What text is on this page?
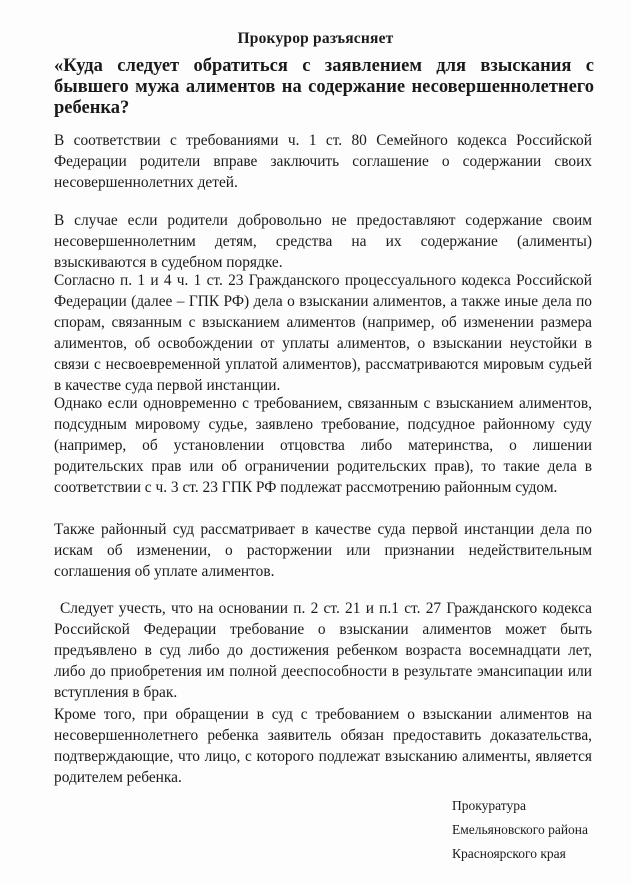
Прокурор разъясняет
«Куда следует обратиться с заявлением для взыскания с бывшего мужа алиментов на содержание несовершеннолетнего ребенка?
В соответствии с требованиями ч. 1 ст. 80 Семейного кодекса Российской Федерации родители вправе заключить соглашение о содержании своих несовершеннолетних детей.
В случае если родители добровольно не предоставляют содержание своим несовершеннолетним детям, средства на их содержание (алименты) взыскиваются в судебном порядке.
Согласно п. 1 и 4 ч. 1 ст. 23 Гражданского процессуального кодекса Российской Федерации (далее – ГПК РФ) дела о взыскании алиментов, а также иные дела по спорам, связанным с взысканием алиментов (например, об изменении размера алиментов, об освобождении от уплаты алиментов, о взыскании неустойки в связи с несвоевременной уплатой алиментов), рассматриваются мировым судьей в качестве суда первой инстанции.
Однако если одновременно с требованием, связанным с взысканием алиментов, подсудным мировому судье, заявлено требование, подсудное районному суду (например, об установлении отцовства либо материнства, о лишении родительских прав или об ограничении родительских прав), то такие дела в соответствии с ч. 3 ст. 23 ГПК РФ подлежат рассмотрению районным судом.
Также районный суд рассматривает в качестве суда первой инстанции дела по искам об изменении, о расторжении или признании недействительным соглашения об уплате алиментов.
Следует учесть, что на основании п. 2 ст. 21 и п.1 ст. 27 Гражданского кодекса Российской Федерации требование о взыскании алиментов может быть предъявлено в суд либо до достижения ребенком возраста восемнадцати лет, либо до приобретения им полной дееспособности в результате эмансипации или вступления в брак.
Кроме того, при обращении в суд с требованием о взыскании алиментов на несовершеннолетнего ребенка заявитель обязан предоставить доказательства, подтверждающие, что лицо, с которого подлежат взысканию алименты, является родителем ребенка.
Прокуратура
Емельяновского района
Красноярского края
